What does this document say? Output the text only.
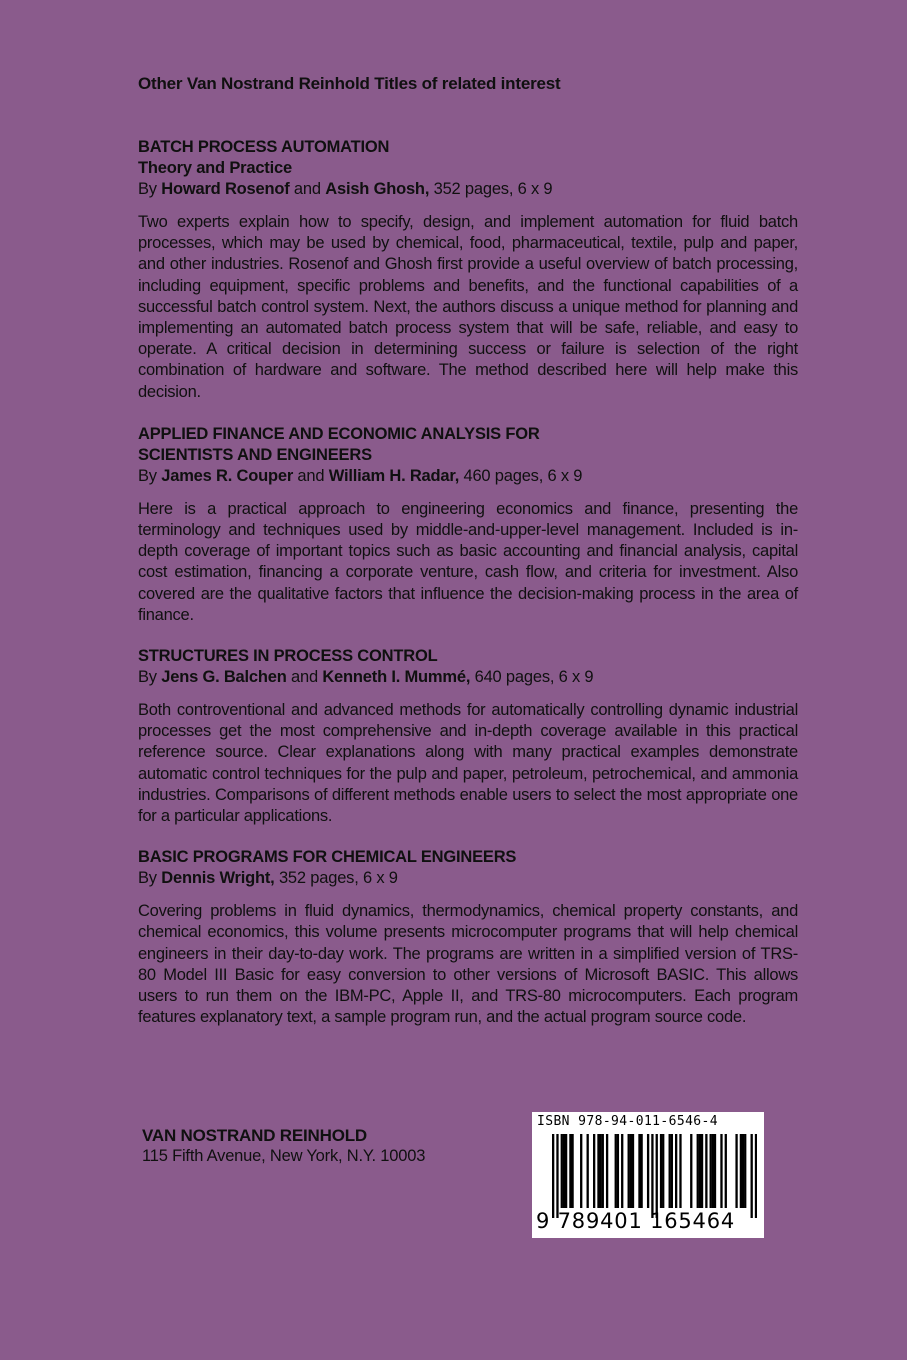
Other Van Nostrand Reinhold Titles of related interest

BATCH PROCESS AUTOMATION

Theory and Practice

By Howard Rosenof and Asish Ghosh, 352 pages, 6 x 9

Two experts explain how to specify, design, and implement automation for fluid batch processes, which may be used by chemical, food, pharmaceutical, textile, pulp and paper, and other industries. Rosenof and Ghosh first provide a useful overview of batch processing, including equipment, specific problems and benefits, and the functional capabilities of a successful batch control system. Next, the authors discuss a unique method for planning and implementing an automated batch process system that will be safe, reliable, and easy to operate. A critical decision in determining success or failure is selection of the right combination of hardware and software. The method described here will help make this decision.

APPLIED FINANCE AND ECONOMIC ANALYSIS FOR SCIENTISTS AND ENGINEERS

By James R. Couper and William H. Radar, 460 pages, 6 x 9

Here is a practical approach to engineering economics and finance, presenting the terminology and techniques used by middle-and-upper-level management. Included is in-depth coverage of important topics such as basic accounting and financial analysis, capital cost estimation, financing a corporate venture, cash flow, and criteria for investment. Also covered are the qualitative factors that influence the decision-making process in the area of finance.

STRUCTURES IN PROCESS CONTROL

By Jens G. Balchen and Kenneth I. Mummé, 640 pages, 6 x 9

Both controventional and advanced methods for automatically controlling dynamic industrial processes get the most comprehensive and in-depth coverage available in this practical reference source. Clear explanations along with many practical examples demonstrate automatic control techniques for the pulp and paper, petroleum, petrochemical, and ammonia industries. Comparisons of different methods enable users to select the most appropriate one for a particular applications.

BASIC PROGRAMS FOR CHEMICAL ENGINEERS

By Dennis Wright, 352 pages, 6 x 9

Covering problems in fluid dynamics, thermodynamics, chemical property constants, and chemical economics, this volume presents microcomputer programs that will help chemical engineers in their day-to-day work. The programs are written in a simplified version of TRS-80 Model III Basic for easy conversion to other versions of Microsoft BASIC. This allows users to run them on the IBM-PC, Apple II, and TRS-80 microcomputers. Each program features explanatory text, a sample program run, and the actual program source code.

VAN NOSTRAND REINHOLD
115 Fifth Avenue, New York, N.Y. 10003
ISBN 978-94-011-6546-4
9 789401 165464
